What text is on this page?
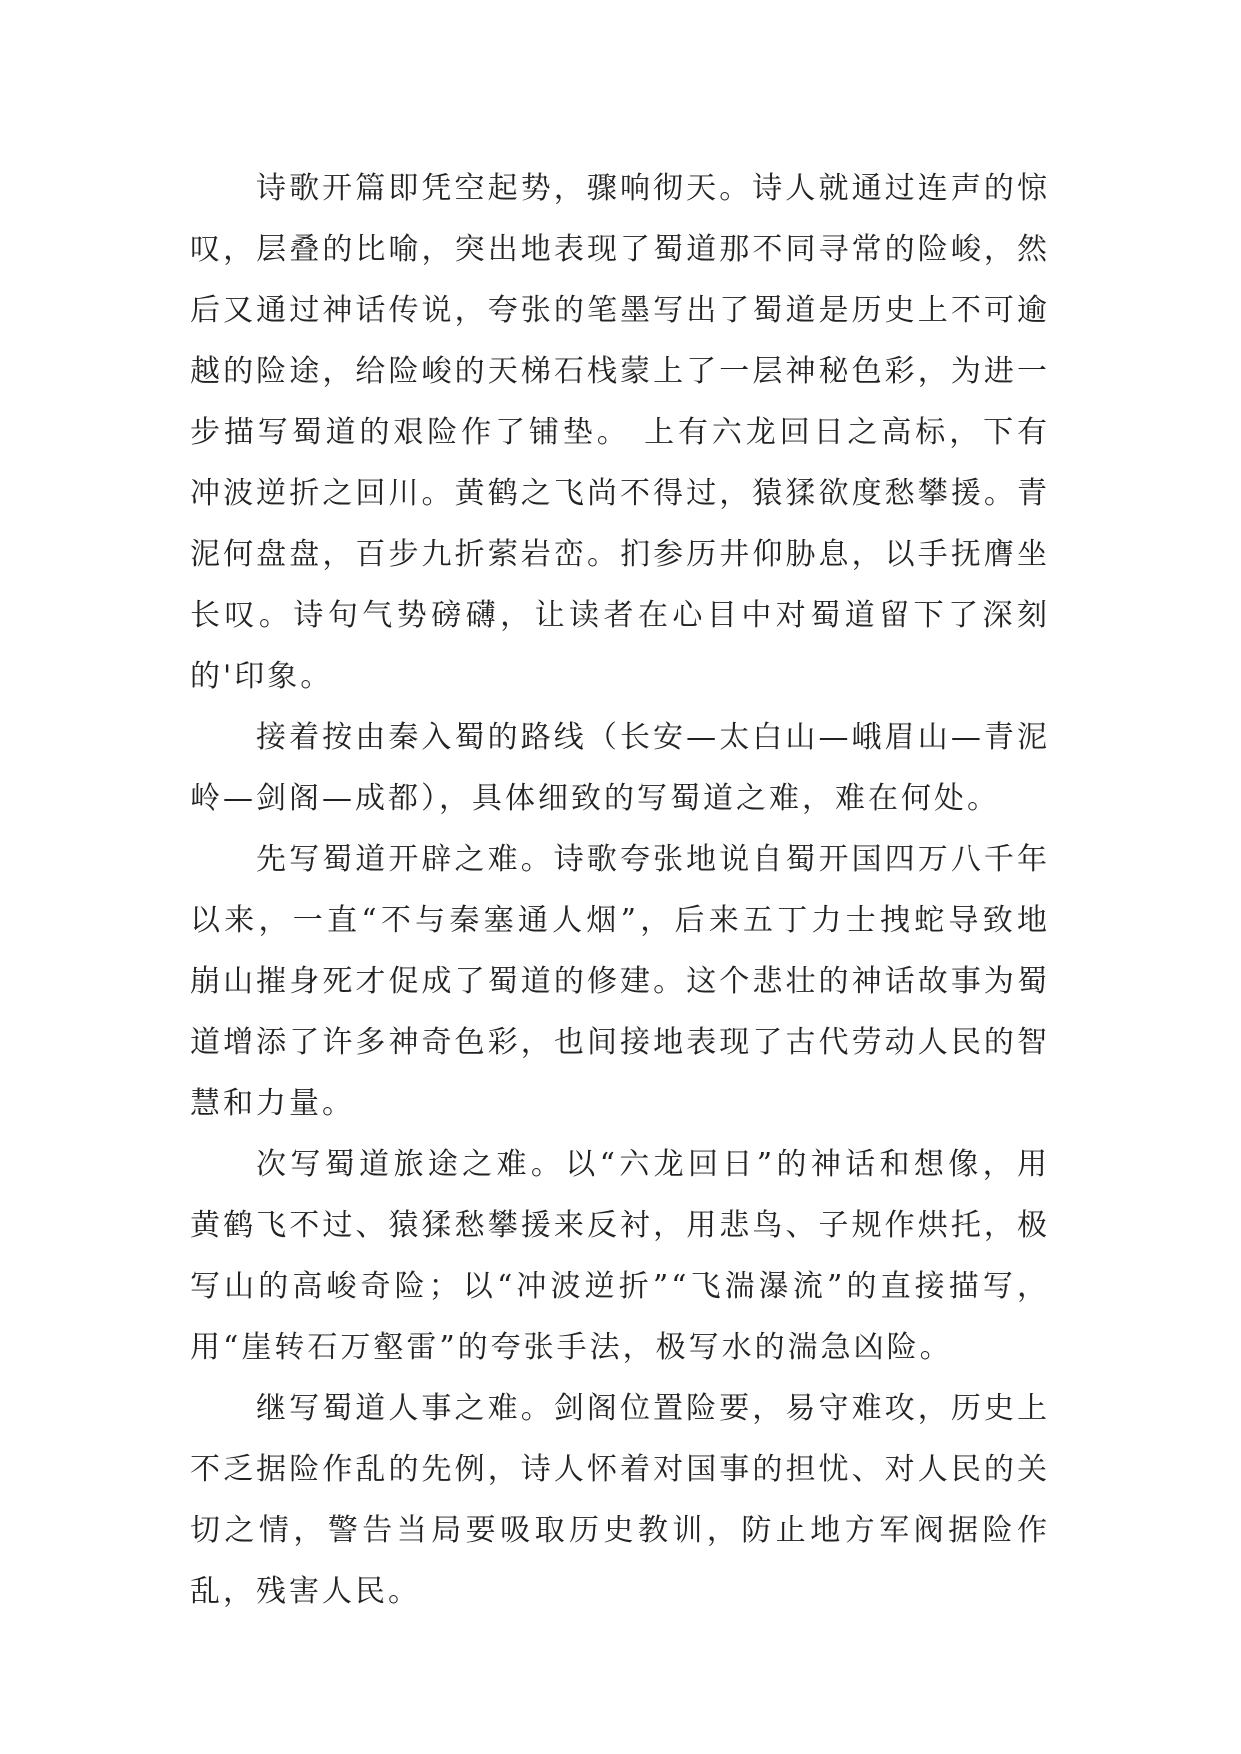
诗歌开篇即凭空起势，骤响彻天。诗人就通过连声的惊叹，层叠的比喻，突出地表现了蜀道那不同寻常的险峻，然后又通过神话传说，夸张的笔墨写出了蜀道是历史上不可逾越的险途，给险峻的天梯石栈蒙上了一层神秘色彩，为进一步描写蜀道的艰险作了铺垫。 上有六龙回日之高标，下有冲波逆折之回川。黄鹤之飞尚不得过，猿猱欲度愁攀援。青泥何盘盘，百步九折萦岩峦。扪参历井仰胁息，以手抚膺坐长叹。诗句气势磅礴，让读者在心目中对蜀道留下了深刻的'印象。

接着按由秦入蜀的路线（长安—太白山—峨眉山—青泥岭—剑阁—成都），具体细致的写蜀道之难，难在何处。

先写蜀道开辟之难。诗歌夸张地说自蜀开国四万八千年以来，一直“不与秦塞通人烟”，后来五丁力士拽蛇导致地崩山摧身死才促成了蜀道的修建。这个悲壮的神话故事为蜀道增添了许多神奇色彩，也间接地表现了古代劳动人民的智慧和力量。

次写蜀道旅途之难。以“六龙回日”的神话和想像，用黄鹤飞不过、猿猱愁攀援来反衬，用悲鸟、子规作烘托，极写山的高峻奇险；以“冲波逆折”“飞湍瀑流”的直接描写，用“崖转石万壑雷”的夸张手法，极写水的湍急凶险。

继写蜀道人事之难。剑阁位置险要，易守难攻，历史上不乏据险作乱的先例，诗人怀着对国事的担忧、对人民的关切之情，警告当局要吸取历史教训，防止地方军阀据险作乱，残害人民。
